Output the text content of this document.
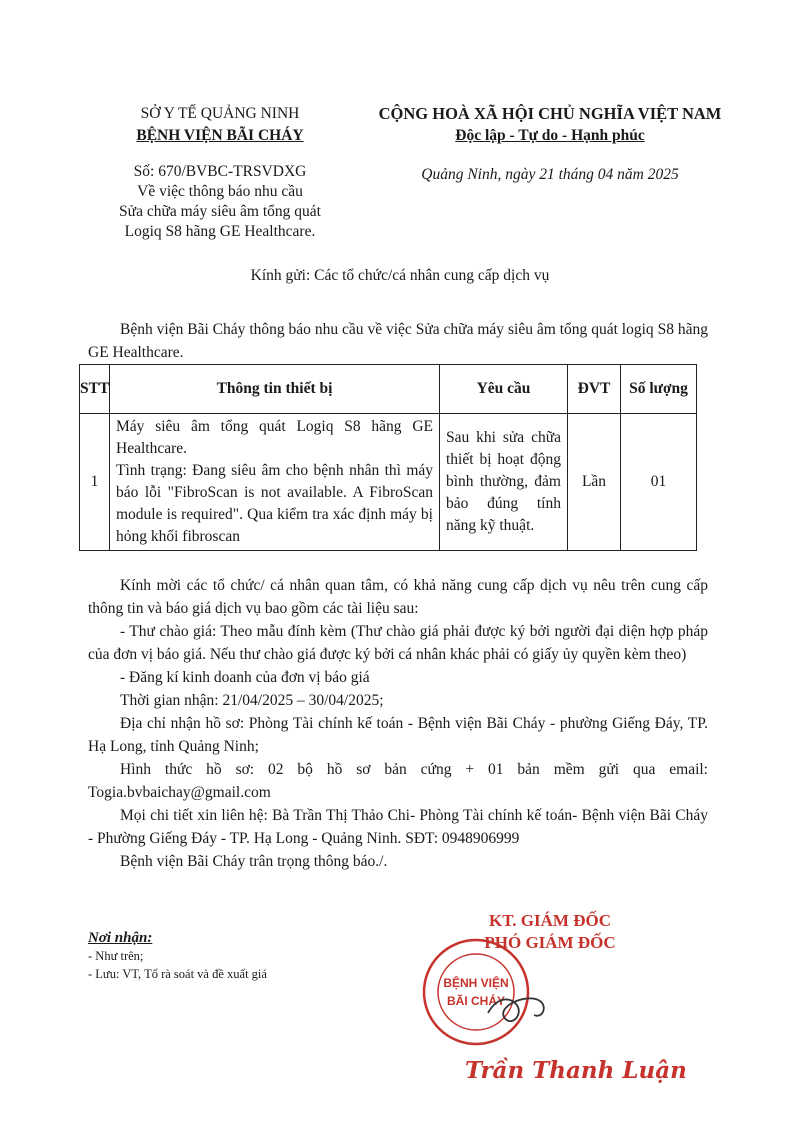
SỞ Y TẾ QUẢNG NINH
BỆNH VIỆN BÃI CHÁY
CỘNG HOÀ XÃ HỘI CHỦ NGHĨA VIỆT NAM
Độc lập - Tự do - Hạnh phúc
Số: 670/BVBC-TRSVDXG
Về việc thông báo nhu cầu
Sửa chữa máy siêu âm tổng quát
Logiq S8 hãng GE Healthcare.
Quảng Ninh, ngày 21 tháng 04 năm 2025
Kính gửi: Các tổ chức/cá nhân cung cấp dịch vụ
Bệnh viện Bãi Cháy thông báo nhu cầu về việc Sửa chữa máy siêu âm tổng quát logiq S8 hãng GE Healthcare.
STT	Thông tin thiết bị	Yêu cầu	ĐVT	Số lượng
1	Máy siêu âm tổng quát Logiq S8 hãng GE Healthcare.
Tình trạng: Đang siêu âm cho bệnh nhân thì máy báo lỗi "FibroScan is not available. A FibroScan module is required". Qua kiểm tra xác định máy bị hỏng khối fibroscan	Sau khi sửa chữa thiết bị hoạt động bình thường, đảm bảo đúng tính năng kỹ thuật.	Lần	01

Kính mời các tổ chức/ cá nhân quan tâm, có khả năng cung cấp dịch vụ nêu trên cung cấp thông tin và báo giá dịch vụ bao gồm các tài liệu sau:

- Thư chào giá: Theo mẫu đính kèm (Thư chào giá phải được ký bởi người đại diện hợp pháp của đơn vị báo giá. Nếu thư chào giá được ký bởi cá nhân khác phải có giấy ủy quyền kèm theo)

- Đăng kí kinh doanh của đơn vị báo giá

Thời gian nhận: 21/04/2025 – 30/04/2025;

Địa chỉ nhận hồ sơ: Phòng Tài chính kế toán - Bệnh viện Bãi Cháy - phường Giếng Đáy, TP. Hạ Long, tỉnh Quảng Ninh;

Hình thức hồ sơ: 02 bộ hồ sơ bản cứng + 01 bản mềm gửi qua email: Togia.bvbaichay@gmail.com

Mọi chi tiết xin liên hệ: Bà Trần Thị Thảo Chi- Phòng Tài chính kế toán- Bệnh viện Bãi Cháy - Phường Giếng Đáy - TP. Hạ Long - Quảng Ninh. SĐT: 0948906999

Bệnh viện Bãi Cháy trân trọng thông báo./.

Nơi nhận:
- Như trên;
- Lưu: VT, Tổ rà soát và đề xuất giá
KT. GIÁM ĐỐC
PHÓ GIÁM ĐỐC
BỆNH VIỆN
BÃI CHÁY
Trần Thanh Luận
